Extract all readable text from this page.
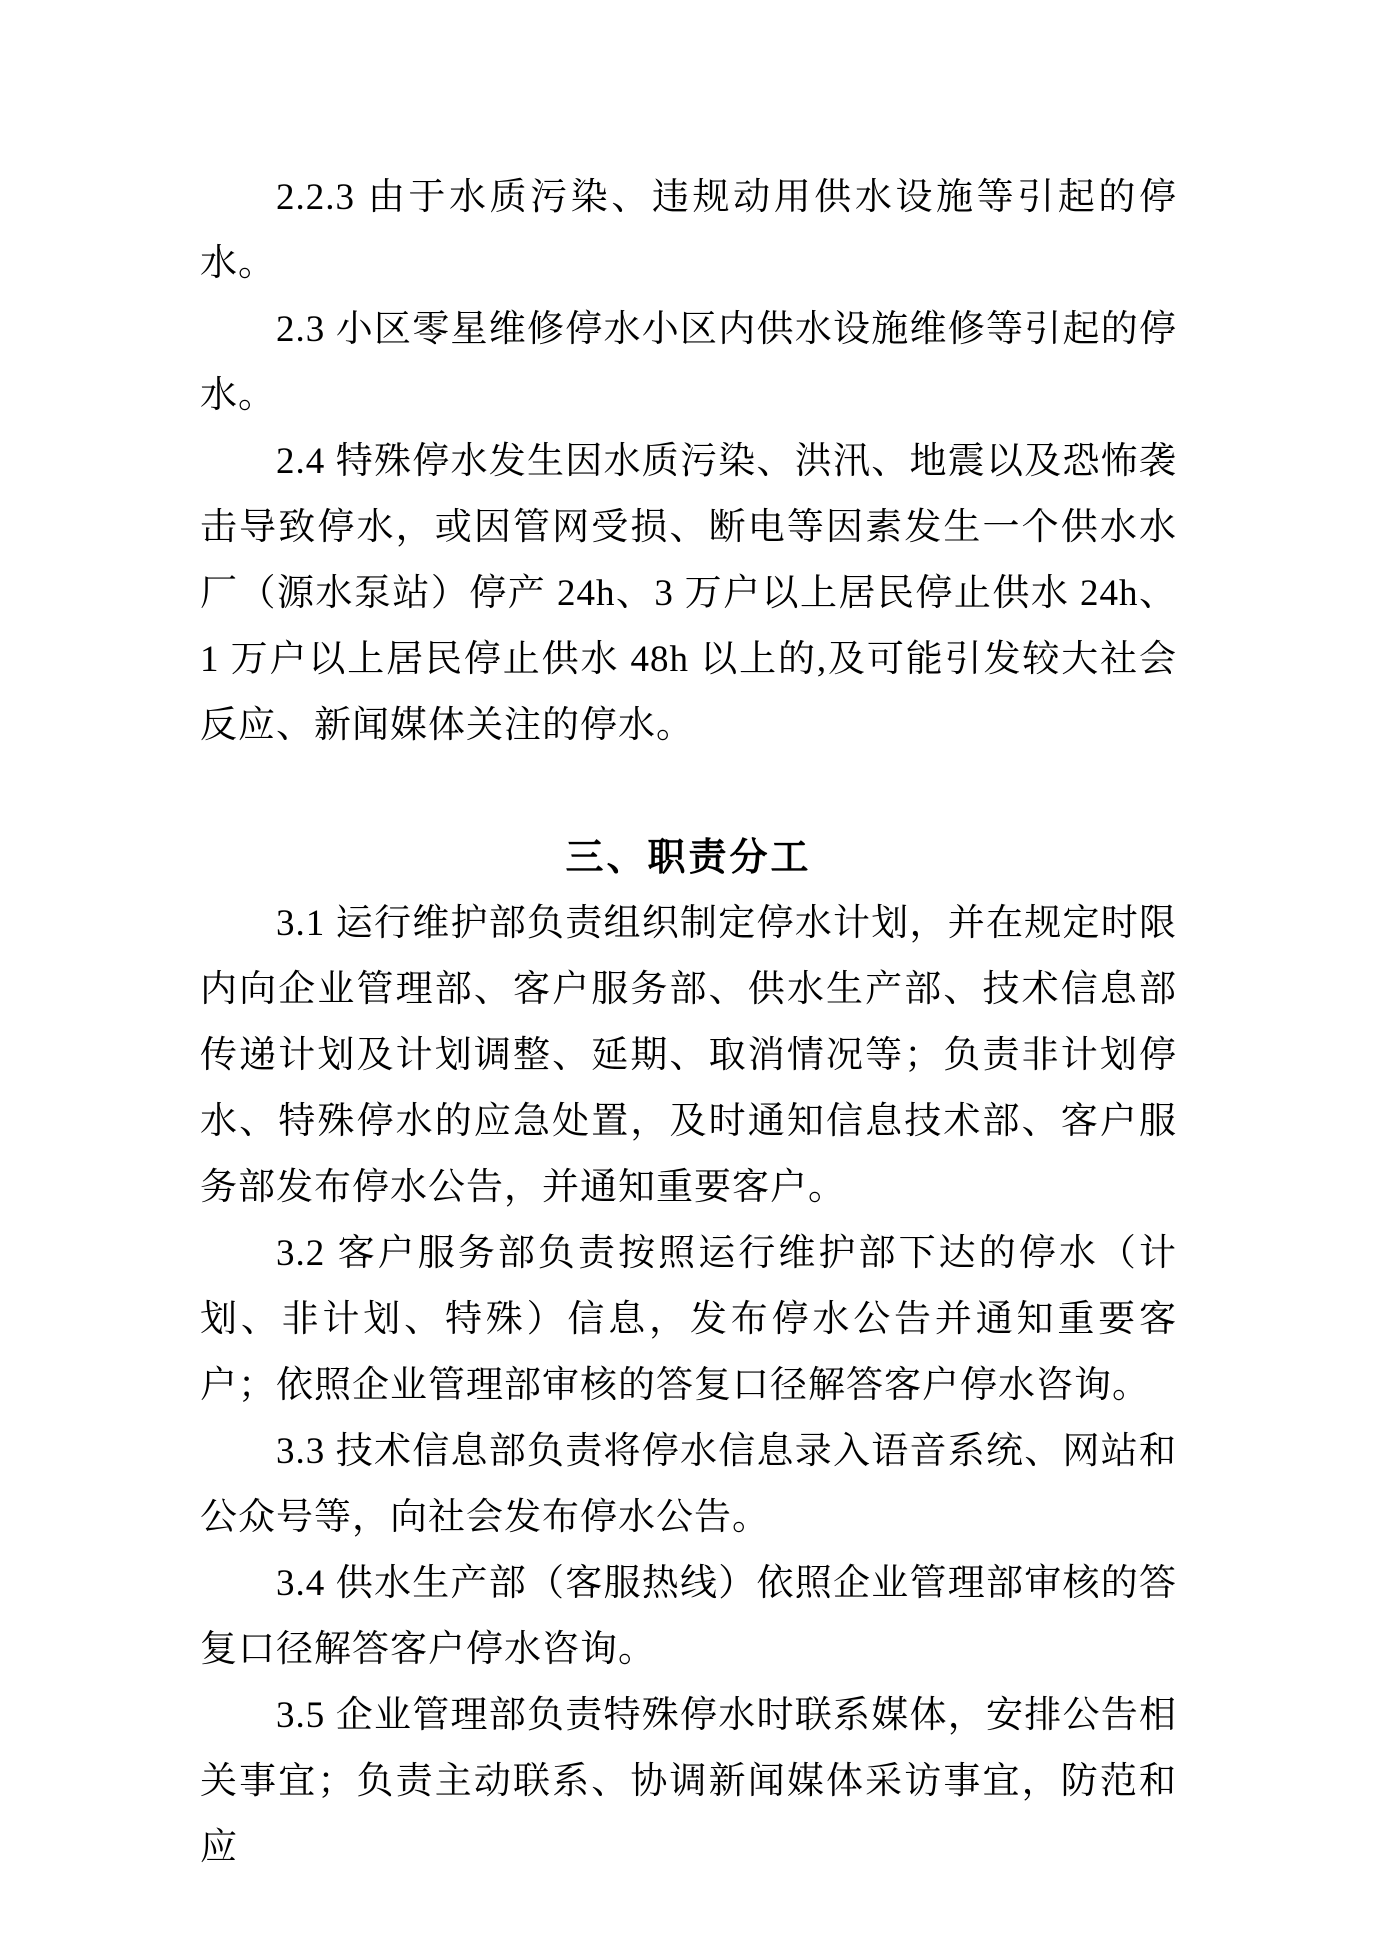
2.2.3 由于水质污染、违规动用供水设施等引起的停水。

2.3 小区零星维修停水小区内供水设施维修等引起的停水。

2.4 特殊停水发生因水质污染、洪汛、地震以及恐怖袭击导致停水，或因管网受损、断电等因素发生一个供水水厂（源水泵站）停产 24h、3 万户以上居民停止供水 24h、1 万户以上居民停止供水 48h 以上的,及可能引发较大社会反应、新闻媒体关注的停水。

三、职责分工

3.1 运行维护部负责组织制定停水计划，并在规定时限内向企业管理部、客户服务部、供水生产部、技术信息部传递计划及计划调整、延期、取消情况等；负责非计划停水、特殊停水的应急处置，及时通知信息技术部、客户服务部发布停水公告，并通知重要客户。

3.2 客户服务部负责按照运行维护部下达的停水（计划、非计划、特殊）信息，发布停水公告并通知重要客户；依照企业管理部审核的答复口径解答客户停水咨询。

3.3 技术信息部负责将停水信息录入语音系统、网站和公众号等，向社会发布停水公告。

3.4 供水生产部（客服热线）依照企业管理部审核的答复口径解答客户停水咨询。

3.5 企业管理部负责特殊停水时联系媒体，安排公告相关事宜；负责主动联系、协调新闻媒体采访事宜，防范和应
